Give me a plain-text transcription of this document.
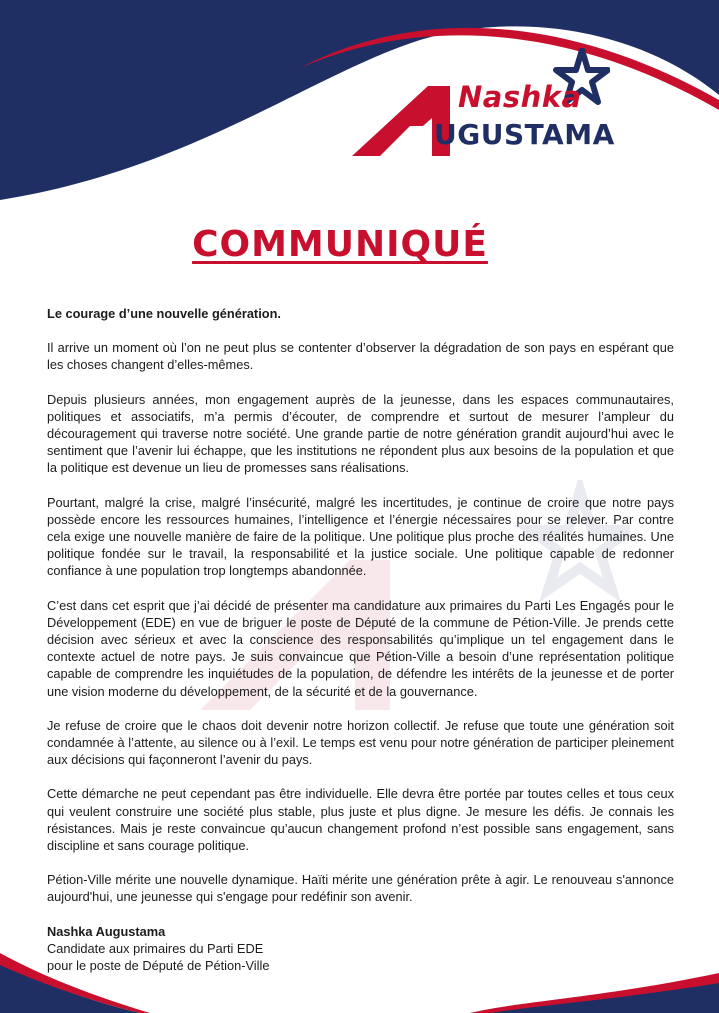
Nashka
UGUSTAMA
COMMUNIQUÉ

Le courage d’une nouvelle génération.

Il arrive un moment où l’on ne peut plus se contenter d’observer la dégradation de son pays en espérant que les choses changent d’elles-mêmes.

Depuis plusieurs années, mon engagement auprès de la jeunesse, dans les espaces communautaires, politiques et associatifs, m’a permis d’écouter, de comprendre et surtout de mesurer l’ampleur du découragement qui traverse notre société. Une grande partie de notre génération grandit aujourd’hui avec le sentiment que l’avenir lui échappe, que les institutions ne répondent plus aux besoins de la population et que la politique est devenue un lieu de promesses sans réalisations.

Pourtant, malgré la crise, malgré l’insécurité, malgré les incertitudes, je continue de croire que notre pays possède encore les ressources humaines, l’intelligence et l’énergie nécessaires pour se relever. Par contre cela exige une nouvelle manière de faire de la politique. Une politique plus proche des réalités humaines. Une politique fondée sur le travail, la responsabilité et la justice sociale. Une politique capable de redonner confiance à une population trop longtemps abandonnée.

C’est dans cet esprit que j’ai décidé de présenter ma candidature aux primaires du Parti Les Engagés pour le Développement (EDE) en vue de briguer le poste de Député de la commune de Pétion-Ville. Je prends cette décision avec sérieux et avec la conscience des responsabilités qu’implique un tel engagement dans le contexte actuel de notre pays. Je suis convaincue que Pétion-Ville a besoin d’une représentation politique capable de comprendre les inquiétudes de la population, de défendre les intérêts de la jeunesse et de porter une vision moderne du développement, de la sécurité et de la gouvernance.

Je refuse de croire que le chaos doit devenir notre horizon collectif. Je refuse que toute une génération soit condamnée à l’attente, au silence ou à l’exil. Le temps est venu pour notre génération de participer pleinement aux décisions qui façonneront l’avenir du pays.

Cette démarche ne peut cependant pas être individuelle. Elle devra être portée par toutes celles et tous ceux qui veulent construire une société plus stable, plus juste et plus digne. Je mesure les défis. Je connais les résistances. Mais je reste convaincue qu’aucun changement profond n’est possible sans engagement, sans discipline et sans courage politique.

Pétion-Ville mérite une nouvelle dynamique. Haïti mérite une génération prête à agir. Le renouveau s'annonce aujourd'hui, une jeunesse qui s'engage pour redéfinir son avenir.

Nashka Augustama
Candidate aux primaires du Parti EDE
pour le poste de Député de Pétion-Ville
